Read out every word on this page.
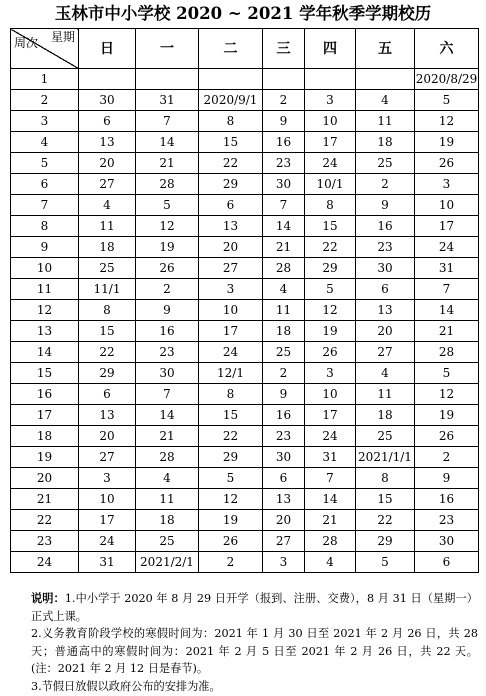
玉林市中小学校 2020 ~ 2021 学年秋季学期校历
星期
周次	日	一	二	三	四	五	六
1							2020/8/29
2	30	31	2020/9/1	2	3	4	5
3	6	7	8	9	10	11	12
4	13	14	15	16	17	18	19
5	20	21	22	23	24	25	26
6	27	28	29	30	10/1	2	3
7	4	5	6	7	8	9	10
8	11	12	13	14	15	16	17
9	18	19	20	21	22	23	24
10	25	26	27	28	29	30	31
11	11/1	2	3	4	5	6	7
12	8	9	10	11	12	13	14
13	15	16	17	18	19	20	21
14	22	23	24	25	26	27	28
15	29	30	12/1	2	3	4	5
16	6	7	8	9	10	11	12
17	13	14	15	16	17	18	19
18	20	21	22	23	24	25	26
19	27	28	29	30	31	2021/1/1	2
20	3	4	5	6	7	8	9
21	10	11	12	13	14	15	16
22	17	18	19	20	21	22	23
23	24	25	26	27	28	29	30
24	31	2021/2/1	2	3	4	5	6

说明：1.中小学于 2020 年 8 月 29 日开学（报到、注册、交费），8 月 31 日（星期一）正式上课。

2.义务教育阶段学校的寒假时间为：2021 年 1 月 30 日至 2021 年 2 月 26 日，共 28 天；普通高中的寒假时间为：2021 年 2 月 5 日至 2021 年 2 月 26 日，共 22 天。(注：2021 年 2 月 12 日是春节)。

3.节假日放假以政府公布的安排为准。
